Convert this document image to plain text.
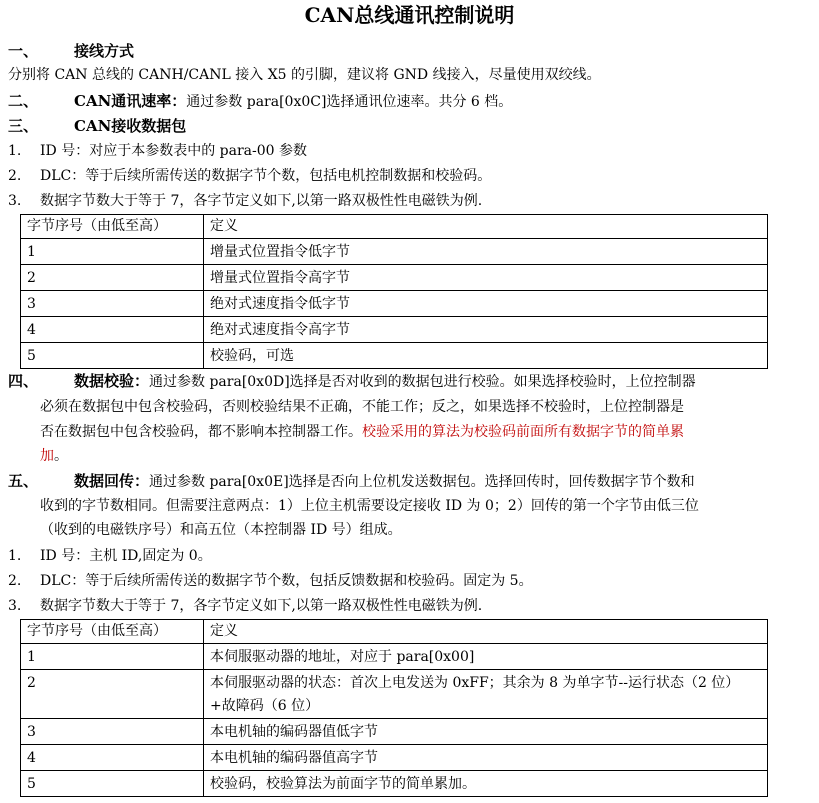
CAN总线通讯控制说明
一、 接线方式
分别将 CAN 总线的 CANH/CANL 接入 X5 的引脚，建议将 GND 线接入，尽量使用双绞线。
二、 CAN通讯速率：通过参数 para[0x0C]选择通讯位速率。共分 6 档。
三、 CAN接收数据包
1. ID 号：对应于本参数表中的 para-00 参数
2. DLC：等于后续所需传送的数据字节个数，包括电机控制数据和校验码。
3. 数据字节数大于等于 7，各字节定义如下,以第一路双极性性电磁铁为例.
字节序号（由低至高）	定义
1	增量式位置指令低字节
2	增量式位置指令高字节
3	绝对式速度指令低字节
4	绝对式速度指令高字节
5	校验码，可选
四、 数据校验：通过参数 para[0x0D]选择是否对收到的数据包进行校验。如果选择校验时，上位控制器
必须在数据包中包含校验码，否则校验结果不正确，不能工作；反之，如果选择不校验时，上位控制器是
否在数据包中包含校验码，都不影响本控制器工作。校验采用的算法为校验码前面所有数据字节的简单累
加。
五、 数据回传：通过参数 para[0x0E]选择是否向上位机发送数据包。选择回传时，回传数据字节个数和
收到的字节数相同。但需要注意两点：1）上位主机需要设定接收 ID 为 0；2）回传的第一个字节由低三位
（收到的电磁铁序号）和高五位（本控制器 ID 号）组成。
1. ID 号：主机 ID,固定为 0。
2. DLC：等于后续所需传送的数据字节个数，包括反馈数据和校验码。固定为 5。
3. 数据字节数大于等于 7，各字节定义如下,以第一路双极性性电磁铁为例.
字节序号（由低至高）	定义
1	本伺服驱动器的地址，对应于 para[0x00]
2	本伺服驱动器的状态：首次上电发送为 0xFF；其余为 8 为单字节--运行状态（2 位）+故障码（6 位）
3	本电机轴的编码器值低字节
4	本电机轴的编码器值高字节
5	校验码，校验算法为前面字节的简单累加。
